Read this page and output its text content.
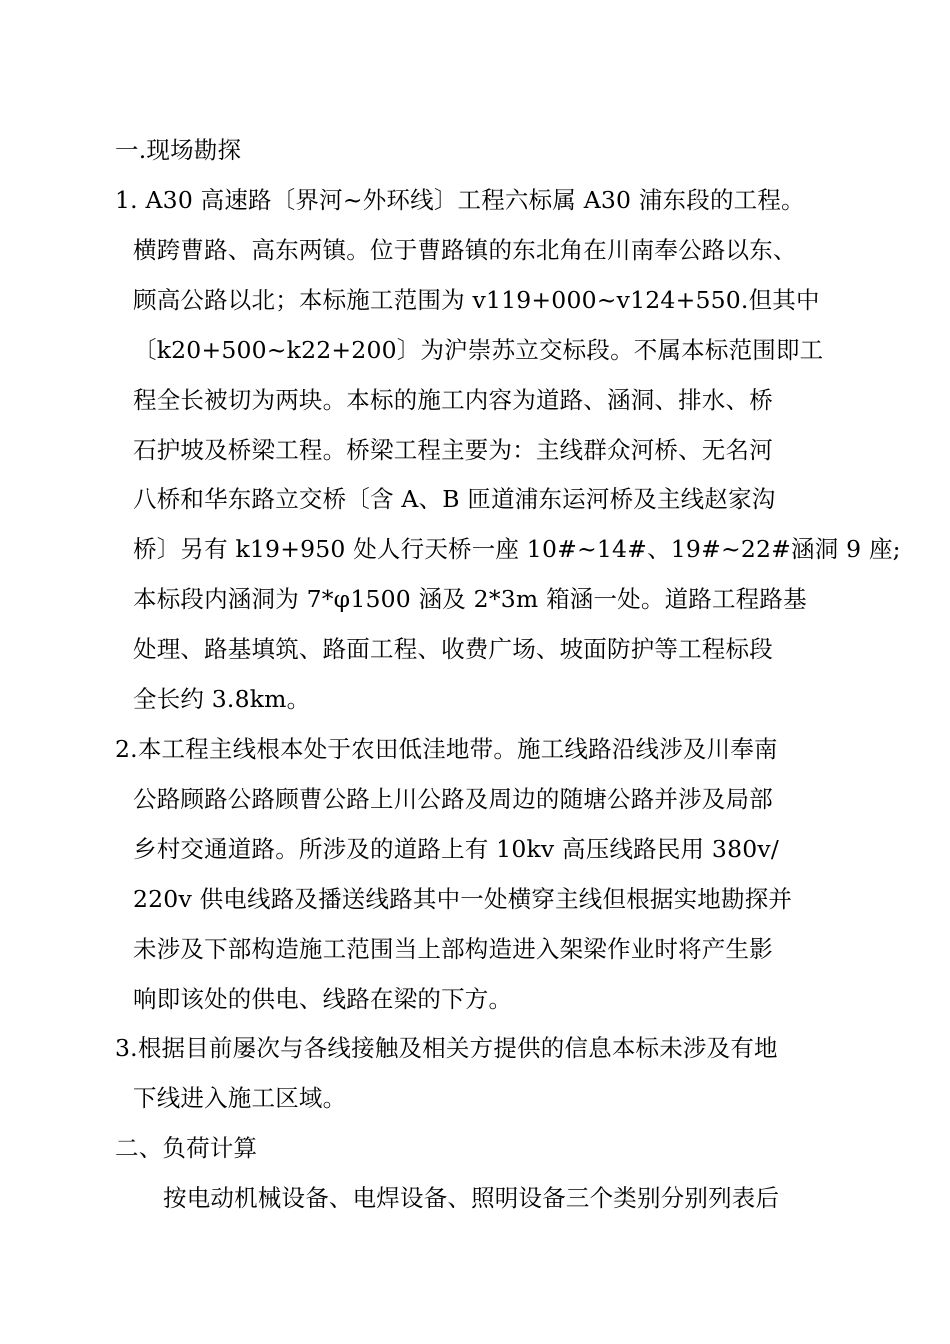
一.现场勘探
1. A30 高速路〔界河~外环线〕工程六标属 A30 浦东段的工程。
横跨曹路、高东两镇。位于曹路镇的东北角在川南奉公路以东、
顾高公路以北；本标施工范围为 v119+000~v124+550.但其中
〔k20+500~k22+200〕为沪崇苏立交标段。不属本标范围即工
程全长被切为两块。本标的施工内容为道路、涵洞、排水、桥
石护坡及桥梁工程。桥梁工程主要为：主线群众河桥、无名河
八桥和华东路立交桥〔含 A、B 匝道浦东运河桥及主线赵家沟
桥〕另有 k19+950 处人行天桥一座 10#~14#、19#~22#涵洞 9 座;
本标段内涵洞为 7*φ1500 涵及 2*3m 箱涵一处。道路工程路基
处理、路基填筑、路面工程、收费广场、坡面防护等工程标段
全长约 3.8km。
2.本工程主线根本处于农田低洼地带。施工线路沿线涉及川奉南
公路顾路公路顾曹公路上川公路及周边的随塘公路并涉及局部
乡村交通道路。所涉及的道路上有 10kv 高压线路民用 380v/
220v 供电线路及播送线路其中一处横穿主线但根据实地勘探并
未涉及下部构造施工范围当上部构造进入架梁作业时将产生影
响即该处的供电、线路在梁的下方。
3.根据目前屡次与各线接触及相关方提供的信息本标未涉及有地
下线进入施工区域。
二、负荷计算
按电动机械设备、电焊设备、照明设备三个类别分别列表后
